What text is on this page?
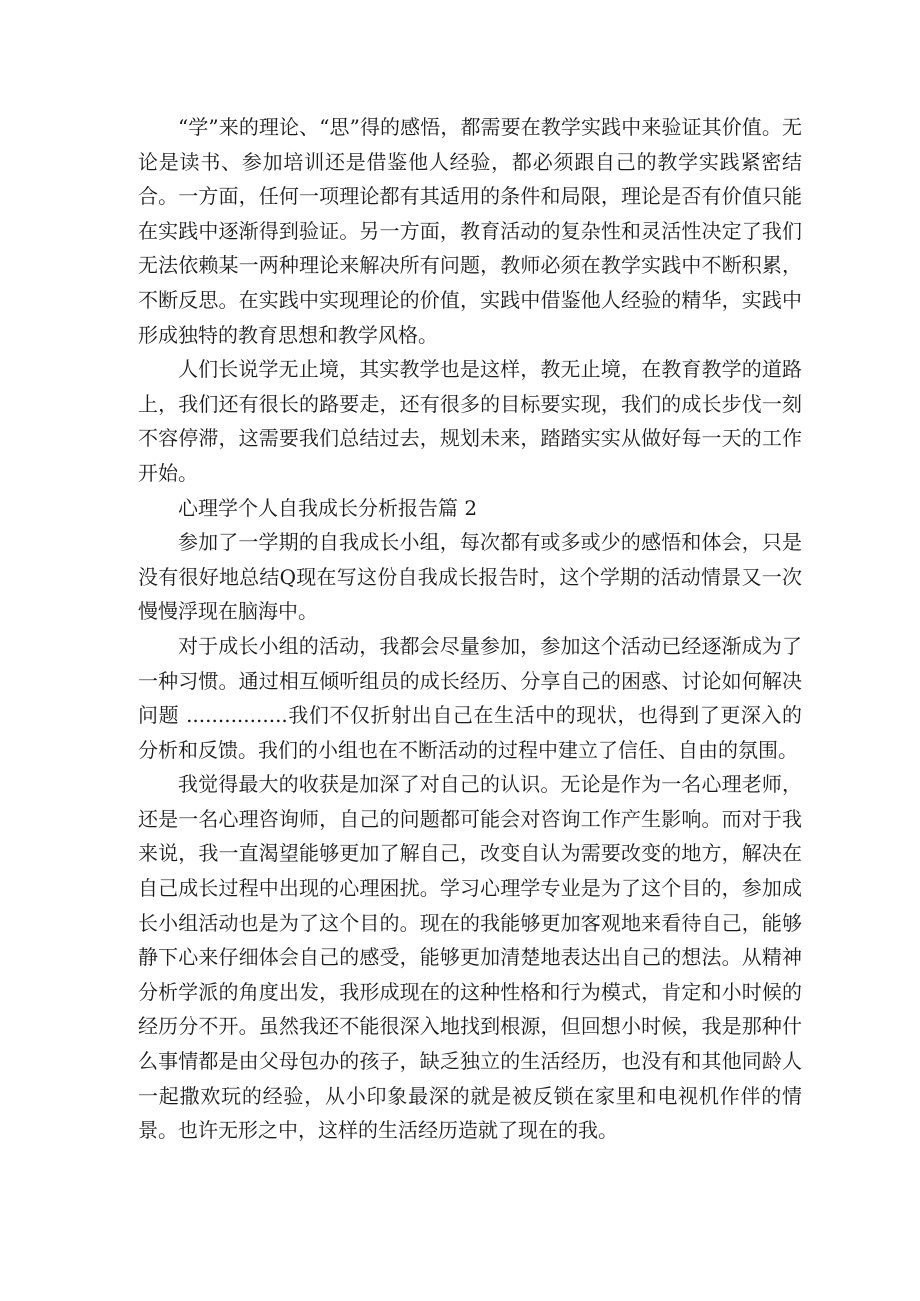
“学”来的理论、“思”得的感悟，都需要在教学实践中来验证其价值。无论是读书、参加培训还是借鉴他人经验，都必须跟自己的教学实践紧密结合。一方面，任何一项理论都有其适用的条件和局限，理论是否有价值只能在实践中逐渐得到验证。另一方面，教育活动的复杂性和灵活性决定了我们无法依赖某一两种理论来解决所有问题，教师必须在教学实践中不断积累，不断反思。在实践中实现理论的价值，实践中借鉴他人经验的精华，实践中形成独特的教育思想和教学风格。

人们长说学无止境，其实教学也是这样，教无止境，在教育教学的道路上，我们还有很长的路要走，还有很多的目标要实现，我们的成长步伐一刻不容停滞，这需要我们总结过去，规划未来，踏踏实实从做好每一天的工作开始。

心理学个人自我成长分析报告篇 2

参加了一学期的自我成长小组，每次都有或多或少的感悟和体会，只是没有很好地总结Q现在写这份自我成长报告时，这个学期的活动情景又一次慢慢浮现在脑海中。

对于成长小组的活动，我都会尽量参加，参加这个活动已经逐渐成为了一种习惯。通过相互倾听组员的成长经历、分享自己的困惑、讨论如何解决问题 ................我们不仅折射出自己在生活中的现状，也得到了更深入的分析和反馈。我们的小组也在不断活动的过程中建立了信任、自由的氛围。

我觉得最大的收获是加深了对自己的认识。无论是作为一名心理老师，还是一名心理咨询师，自己的问题都可能会对咨询工作产生影响。而对于我来说，我一直渴望能够更加了解自己，改变自认为需要改变的地方，解决在自己成长过程中出现的心理困扰。学习心理学专业是为了这个目的，参加成长小组活动也是为了这个目的。现在的我能够更加客观地来看待自己，能够静下心来仔细体会自己的感受，能够更加清楚地表达出自己的想法。从精神分析学派的角度出发，我形成现在的这种性格和行为模式，肯定和小时候的经历分不开。虽然我还不能很深入地找到根源，但回想小时候，我是那种什么事情都是由父母包办的孩子，缺乏独立的生活经历，也没有和其他同龄人一起撒欢玩的经验，从小印象最深的就是被反锁在家里和电视机作伴的情景。也许无形之中，这样的生活经历造就了现在的我。
